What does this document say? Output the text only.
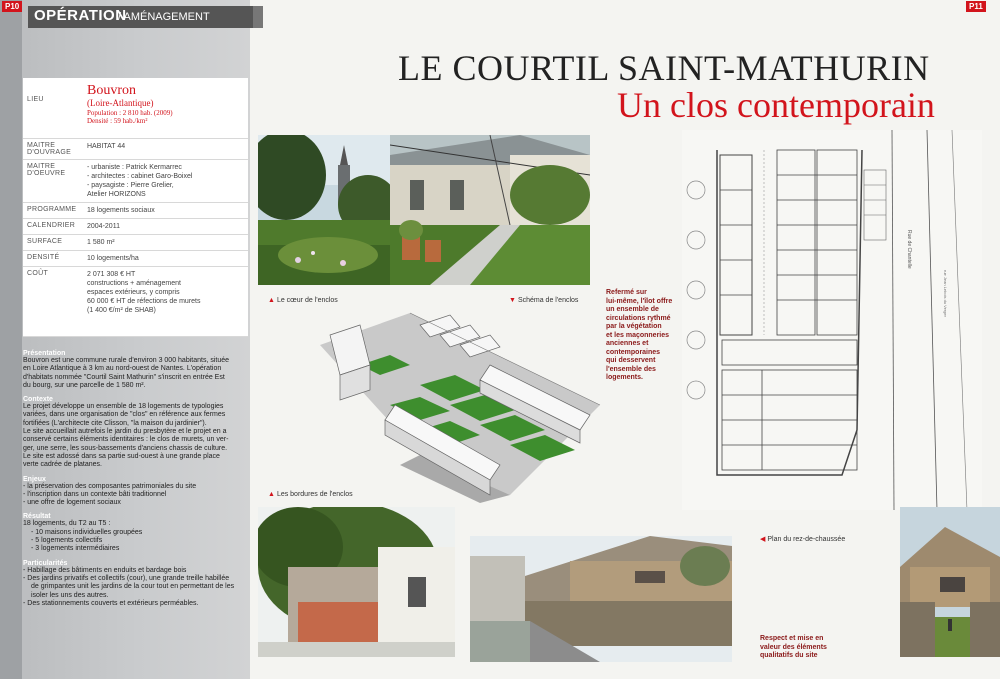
P10	P11
OPÉRATION
/ AMÉNAGEMENT
LIEU	Bouvron
(Loire-Atlantique)
Population : 2 810 hab. (2009)
Densité : 59 hab./km²

MAITRE D'OUVRAGE	HABITAT 44

MAITRE D'OEUVRE	- urbaniste : Patrick Kermarrec
- architectes : cabinet Garo-Boixel
- paysagiste : Pierre Grelier,
Atelier HORIZONS

PROGRAMME	18 logements sociaux

CALENDRIER	2004-2011

SURFACE	1 580 m²

DENSITÉ	10 logements/ha

COÛT	2 071 308 € HT
constructions + aménagement
espaces extérieurs, y compris
60 000 € HT de réfections de murets
(1 400 €/m² de SHAB)
Présentation

Bouvron est une commune rurale d'environ 3 000 habitants, située

en Loire Atlantique à 3 km au nord-ouest de Nantes. L'opération

d'habitats nommée "Courtil Saint Mathurin" s'inscrit en entrée Est

du bourg, sur une parcelle de 1 580 m².

Contexte

Le projet développe un ensemble de 18 logements de typologies

variées, dans une organisation de "clos" en référence aux fermes

fortifiées (L'architecte cite Clisson, "la maison du jardinier").

Le site accueillait autrefois le jardin du presbytère et le projet en a

conservé certains éléments identitaires : le clos de murets, un ver-

ger, une serre, les sous-bassements d'anciens chassis de culture.

Le site est adossé dans sa partie sud-ouest à une grande place

verte cadrée de platanes.

Enjeux

- la préservation des composantes patrimoniales du site

- l'inscription dans un contexte bâti traditionnel

- une offre de logement sociaux

Résultat

18 logements, du T2 au T5 :

- 10 maisons individuelles groupées

- 5 logements collectifs

- 3 logements intermédiaires

Particularités

- Habillage des bâtiments en enduits et bardage bois

- Des jardins privatifs et collectifs (cour), une grande treille habillée

de grimpantes unit les jardins de la cour tout en permettant de les

isoler les uns des autres.

- Des stationnements couverts et extérieurs perméables.

LE COURTIL SAINT-MATHURIN
Un clos contemporain
▲ Le cœur de l'enclos	▼ Schéma de l'enclos
▲ Les bordures de l'enclos
Refermé sur
lui-même, l'îlot offre
un ensemble de
circulations rythmé
par la végétation
et les maçonneries
anciennes et
contemporaines
qui desservent
l'ensemble des
logements.
Rue de Chantelle
rue Jean Lebois du Verger
◀ Plan du rez-de-chaussée
Respect et mise en
valeur des éléments
qualitatifs du site
